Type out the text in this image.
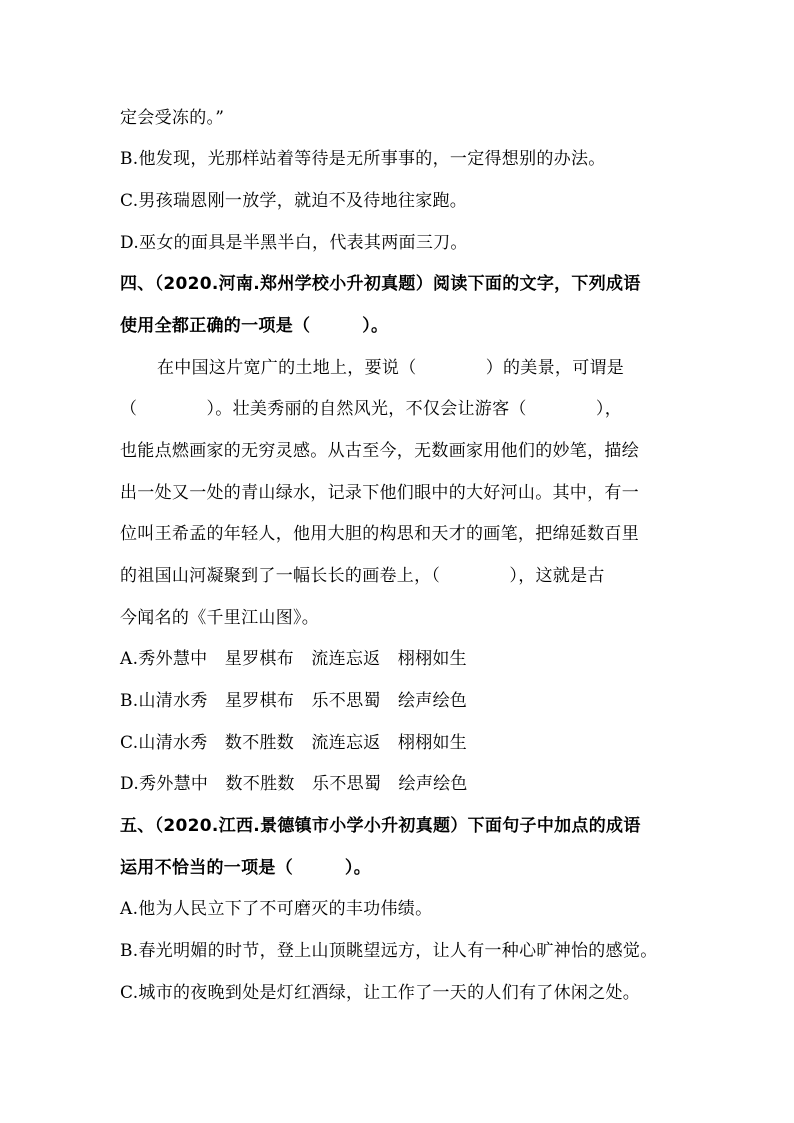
定会受冻的。”
B.他发现，光那样站着等待是无所事事的，一定得想别的办法。
C.男孩瑞恩刚一放学，就迫不及待地往家跑。
D.巫女的面具是半黑半白，代表其两面三刀。
四、（2020.河南.郑州学校小升初真题）阅读下面的文字，下列成语
使用全都正确的一项是（　　　）。
在中国这片宽广的土地上，要说（　　　　）的美景，可谓是
（　　　　）。壮美秀丽的自然风光，不仅会让游客（　　　　），
也能点燃画家的无穷灵感。从古至今，无数画家用他们的妙笔，描绘
出一处又一处的青山绿水，记录下他们眼中的大好河山。其中，有一
位叫王希孟的年轻人，他用大胆的构思和天才的画笔，把绵延数百里
的祖国山河凝聚到了一幅长长的画卷上，（　　　　），这就是古
今闻名的《千里江山图》。
A.秀外慧中　星罗棋布　流连忘返　栩栩如生
B.山清水秀　星罗棋布　乐不思蜀　绘声绘色
C.山清水秀　数不胜数　流连忘返　栩栩如生
D.秀外慧中　数不胜数　乐不思蜀　绘声绘色
五、（2020.江西.景德镇市小学小升初真题）下面句子中加点的成语
运用不恰当的一项是（　　　）。
A.他为人民立下了不可磨灭的丰功伟绩。
B.春光明媚的时节，登上山顶眺望远方，让人有一种心旷神怡的感觉。
C.城市的夜晚到处是灯红酒绿，让工作了一天的人们有了休闲之处。
